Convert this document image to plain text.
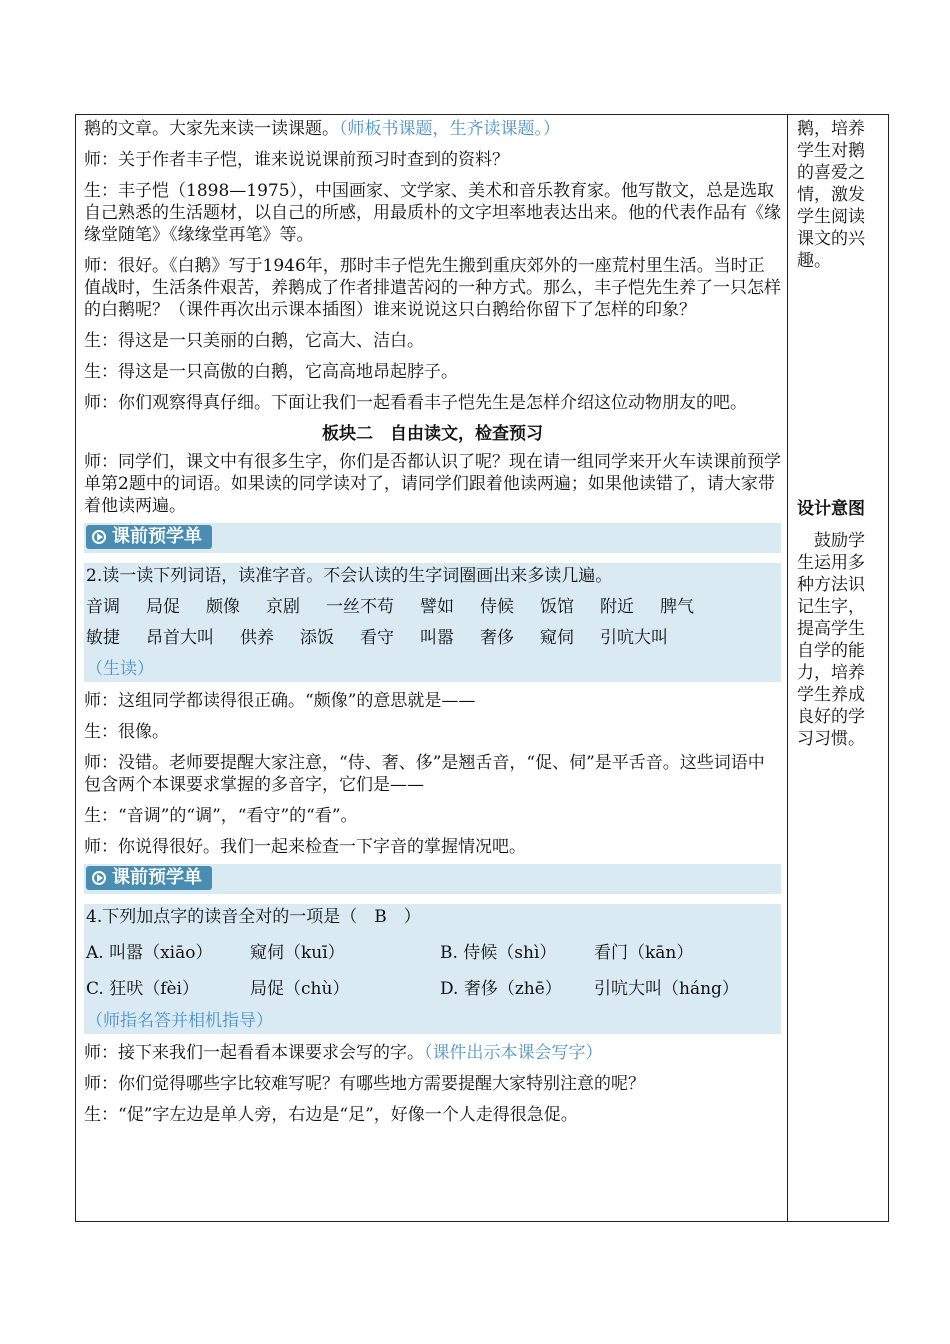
鹅的文章。大家先来读一读课题。（师板书课题，生齐读课题。）

师：关于作者丰子恺，谁来说说课前预习时查到的资料？

生：丰子恺（1898—1975），中国画家、文学家、美术和音乐教育家。他写散文，总是选取自己熟悉的生活题材，以自己的所感，用最质朴的文字坦率地表达出来。他的代表作品有《缘缘堂随笔》《缘缘堂再笔》等。

师：很好。《白鹅》写于1946年，那时丰子恺先生搬到重庆郊外的一座荒村里生活。当时正值战时，生活条件艰苦，养鹅成了作者排遣苦闷的一种方式。那么，丰子恺先生养了一只怎样的白鹅呢？（课件再次出示课本插图）谁来说说这只白鹅给你留下了怎样的印象？

生：得这是一只美丽的白鹅，它高大、洁白。

生：得这是一只高傲的白鹅，它高高地昂起脖子。

师：你们观察得真仔细。下面让我们一起看看丰子恺先生是怎样介绍这位动物朋友的吧。

板块二　自由读文，检查预习

师：同学们，课文中有很多生字，你们是否都认识了呢？现在请一组同学来开火车读课前预学单第2题中的词语。如果读的同学读对了，请同学们跟着他读两遍；如果他读错了，请大家带着他读两遍。

课前预学单

2.读一读下列词语，读准字音。不会认读的生字词圈画出来多读几遍。

音调 局促 颇像 京剧 一丝不苟 譬如 侍候 饭馆 附近 脾气
敏捷 昂首大叫 供养 添饭 看守 叫嚣 奢侈 窥伺 引吭大叫

（生读）

师：这组同学都读得很正确。“颇像”的意思就是——

生：很像。

师：没错。老师要提醒大家注意，“侍、奢、侈”是翘舌音，“促、伺”是平舌音。这些词语中包含两个本课要求掌握的多音字，它们是——

生：“音调”的“调”，“看守”的“看”。

师：你说得很好。我们一起来检查一下字音的掌握情况吧。

课前预学单

4.下列加点字的读音全对的一项是（　B　）

A. 叫嚣（xiāo）	窥伺（kuī）	B. 侍候（shì）	看门（kān）
C. 狂吠（fèi）	局促（chù）	D. 奢侈（zhē）	引吭大叫（háng）

（师指名答并相机指导）

师：接下来我们一起看看本课要求会写的字。（课件出示本课会写字）

师：你们觉得哪些字比较难写呢？有哪些地方需要提醒大家特别注意的呢？

生：“促”字左边是单人旁，右边是“足”，好像一个人走得很急促。

鹅，培养学生对鹅的喜爱之情，激发学生阅读课文的兴趣。

设计意图

　鼓励学生运用多种方法识记生字，提高学生自学的能力，培养学生养成良好的学习习惯。
